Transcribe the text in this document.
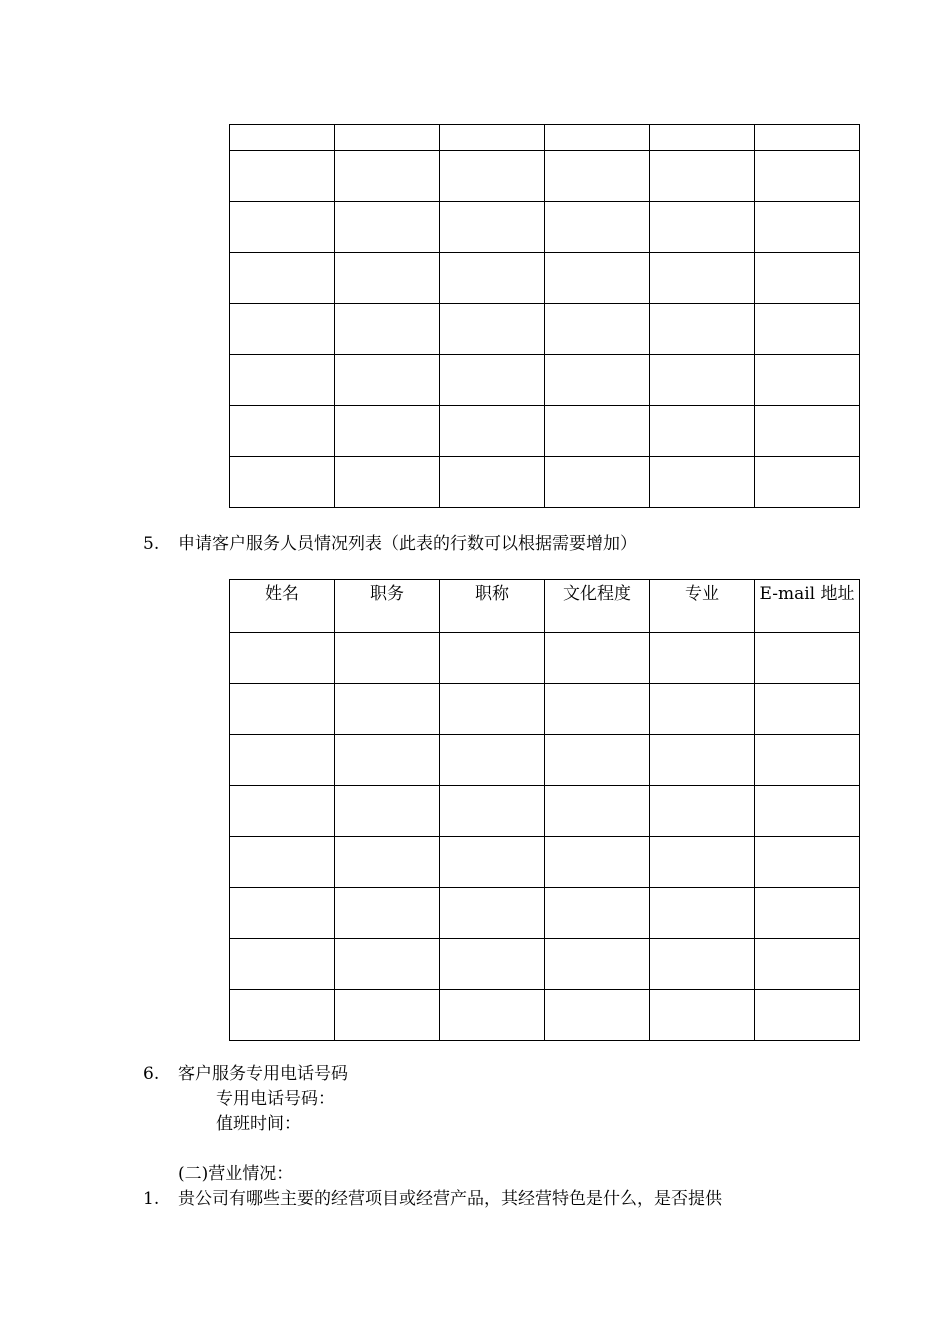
5.	申请客户服务人员情况列表（此表的行数可以根据需要增加）
姓名	职务	职称	文化程度	专业	E-mail 地址

6.	客户服务专用电话号码
专用电话号码：
值班时间：
(二)营业情况：
1.	贵公司有哪些主要的经营项目或经营产品，其经营特色是什么，是否提供
